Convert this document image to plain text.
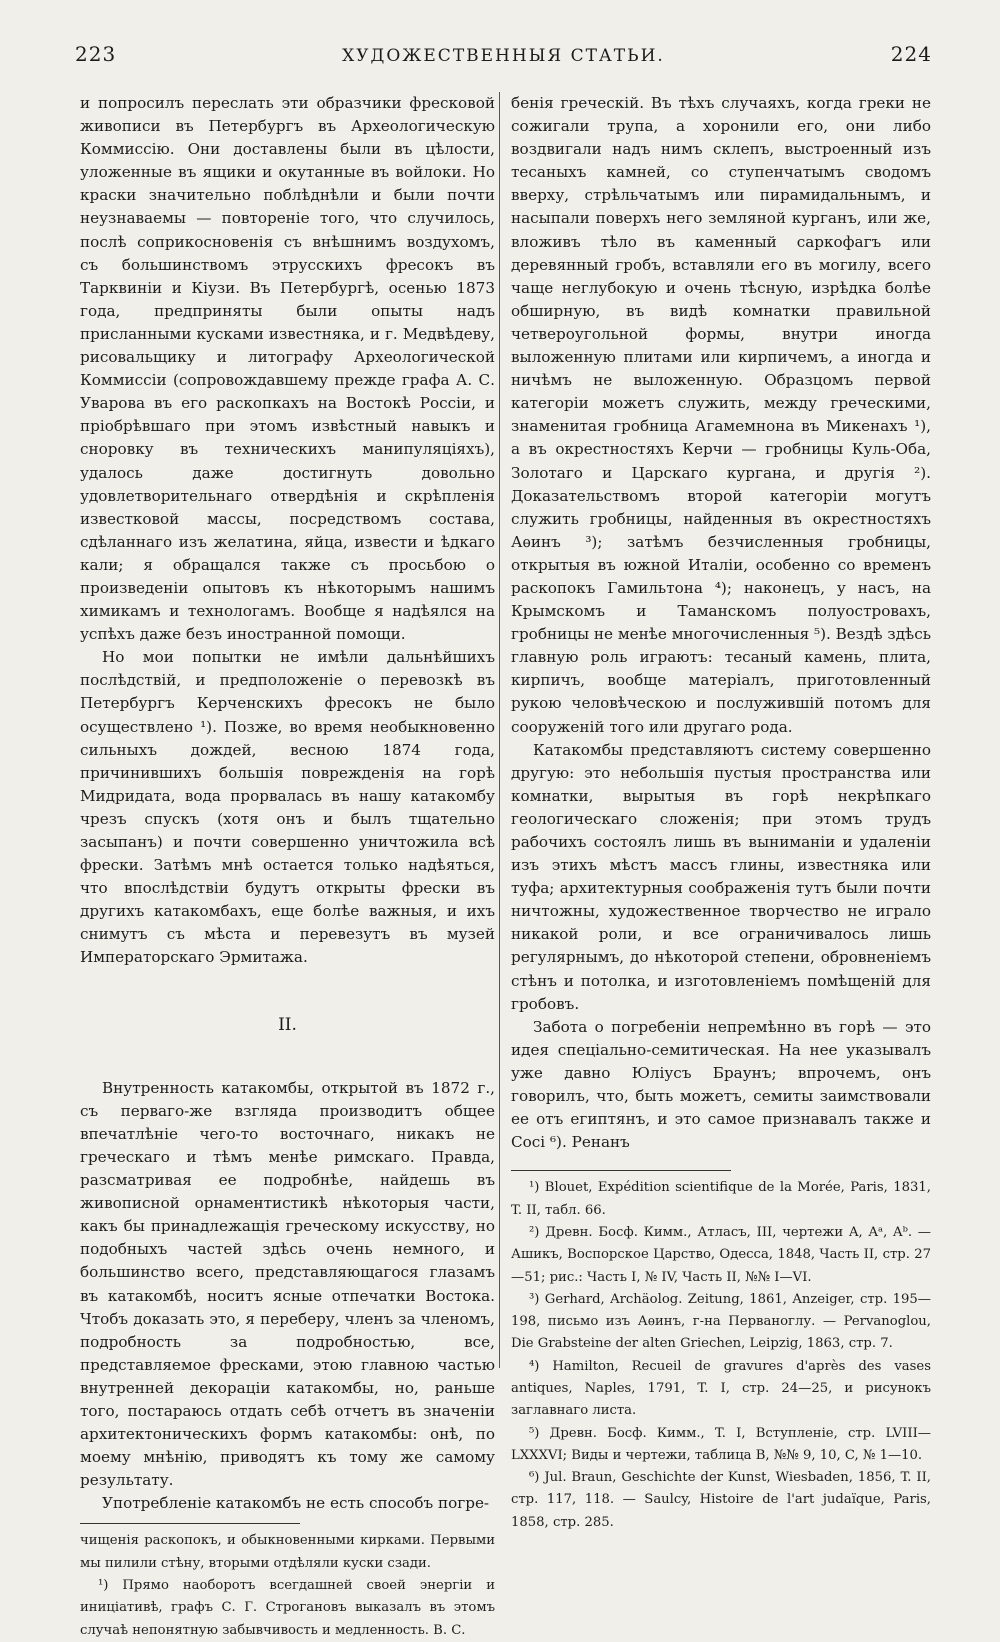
223	ХУДОЖЕСТВЕННЫЯ СТАТЬИ.	224

и попросилъ переслать эти образчики фресковой живописи въ Петербургъ въ Археологическую Коммиссію. Они доставлены были въ цѣлости, уложенные въ ящики и окутанные въ войлоки. Но краски значительно поблѣднѣли и были почти неузнаваемы — повтореніе того, что случилось, послѣ соприкосновенія съ внѣшнимъ воздухомъ, съ большинствомъ этрусскихъ фресокъ въ Тарквиніи и Кіузи. Въ Петербургѣ, осенью 1873 года, предприняты были опыты надъ присланными кусками известняка, и г. Медвѣдеву, рисовальщику и литографу Археологической Коммиссіи (сопровождавшему прежде графа А. С. Уварова въ его раскопкахъ на Востокѣ Россіи, и пріобрѣвшаго при этомъ извѣстный навыкъ и сноровку въ техническихъ манипуляціяхъ), удалось даже достигнуть довольно удовлетворительнаго отвердѣнія и скрѣпленія известковой массы, посредствомъ состава, сдѣланнаго изъ желатина, яйца, извести и ѣдкаго кали; я обращался также съ просьбою о произведеніи опытовъ къ нѣкоторымъ нашимъ химикамъ и технологамъ. Вообще я надѣялся на успѣхъ даже безъ иностранной помощи.

Но мои попытки не имѣли дальнѣйшихъ послѣдствій, и предположеніе о перевозкѣ въ Петербургъ Керченскихъ фресокъ не было осуществлено ¹). Позже, во время необыкновенно сильныхъ дождей, весною 1874 года, причинившихъ большія поврежденія на горѣ Мидридата, вода прорвалась въ нашу катакомбу чрезъ спускъ (хотя онъ и былъ тщательно засыпанъ) и почти совершенно уничтожила всѣ фрески. Затѣмъ мнѣ остается только надѣяться, что впослѣдствіи будутъ открыты фрески въ другихъ катакомбахъ, еще болѣе важныя, и ихъ снимутъ съ мѣста и перевезутъ въ музей Императорскаго Эрмитажа.

II.

Внутренность катакомбы, открытой въ 1872 г., съ перваго-же взгляда производитъ общее впечатлѣніе чего-то восточнаго, никакъ не греческаго и тѣмъ менѣе римскаго. Правда, разсматривая ее подробнѣе, найдешь въ живописной орнаментистикѣ нѣкоторыя части, какъ бы принадлежащія греческому искусству, но подобныхъ частей здѣсь очень немного, и большинство всего, представляющагося глазамъ въ катакомбѣ, носитъ ясные отпечатки Востока. Чтобъ доказать это, я переберу, членъ за членомъ, подробность за подробностью, все, представляемое фресками, этою главною частью внутренней декораціи катакомбы, но, раньше того, постараюсь отдать себѣ отчетъ въ значеніи архитектоническихъ формъ катакомбы: онѣ, по моему мнѣнію, приводятъ къ тому же самому результату.

Употребленіе катакомбъ не есть способъ погре-

чищенія раскопокъ, и обыкновенными кирками. Первыми мы пилили стѣну, вторыми отдѣляли куски сзади.

¹) Прямо наоборотъ всегдашней своей энергіи и иниціативѣ, графъ С. Г. Строгановъ выказалъ въ этомъ случаѣ непонятную забывчивость и медленность. В. С.

бенія греческій. Въ тѣхъ случаяхъ, когда греки не сожигали трупа, а хоронили его, они либо воздвигали надъ нимъ склепъ, выстроенный изъ тесаныхъ камней, со ступенчатымъ сводомъ вверху, стрѣльчатымъ или пирамидальнымъ, и насыпали поверхъ него земляной курганъ, или же, вложивъ тѣло въ каменный саркофагъ или деревянный гробъ, вставляли его въ могилу, всего чаще неглубокую и очень тѣсную, изрѣдка болѣе обширную, въ видѣ комнатки правильной четвероугольной формы, внутри иногда выложенную плитами или кирпичемъ, а иногда и ничѣмъ не выложенную. Образцомъ первой категоріи можетъ служить, между греческими, знаменитая гробница Агамемнона въ Микенахъ ¹), а въ окрестностяхъ Керчи — гробницы Куль-Оба, Золотаго и Царскаго кургана, и другія ²). Доказательствомъ второй категоріи могутъ служить гробницы, найденныя въ окрестностяхъ Аѳинъ ³); затѣмъ безчисленныя гробницы, открытыя въ южной Италіи, особенно со временъ раскопокъ Гамильтона ⁴); наконецъ, у насъ, на Крымскомъ и Таманскомъ полуостровахъ, гробницы не менѣе многочисленныя ⁵). Вездѣ здѣсь главную роль играютъ: тесаный камень, плита, кирпичъ, вообще матеріалъ, приготовленный рукою человѣческою и послужившій потомъ для сооруженій того или другаго рода.

Катакомбы представляютъ систему совершенно другую: это небольшія пустыя пространства или комнатки, вырытыя въ горѣ некрѣпкаго геологическаго сложенія; при этомъ трудъ рабочихъ состоялъ лишь въ выниманіи и удаленіи изъ этихъ мѣстъ массъ глины, известняка или туфа; архитектурныя соображенія тутъ были почти ничтожны, художественное творчество не играло никакой роли, и все ограничивалось лишь регулярнымъ, до нѣкоторой степени, обровненіемъ стѣнъ и потолка, и изготовленіемъ помѣщеній для гробовъ.

Забота о погребеніи непремѣнно въ горѣ — это идея спеціально-семитическая. На нее указывалъ уже давно Юліусъ Браунъ; впрочемъ, онъ говорилъ, что, быть можетъ, семиты заимствовали ее отъ египтянъ, и это самое признавалъ также и Сосі ⁶). Ренанъ

¹) Blouet, Expédition scientifique de la Morée, Paris, 1831, T. II, табл. 66.

²) Древн. Босф. Кимм., Атласъ, III, чертежи A, Aᵃ, Aᵇ. — Ашикъ, Воспорское Царство, Одесса, 1848, Часть II, стр. 27—51; рис.: Часть I, № IV, Часть II, №№ I—VI.

³) Gerhard, Archäolog. Zeitung, 1861, Anzeiger, стр. 195—198, письмо изъ Аѳинъ, г-на Перваноглу. — Pervanoglou, Die Grabsteine der alten Griechen, Leipzig, 1863, стр. 7.

⁴) Hamilton, Recueil de gravures d'après des vases antiques, Naples, 1791, T. I, стр. 24—25, и рисунокъ заглавнаго листа.

⁵) Древн. Босф. Кимм., T. I, Вступленіе, стр. LVIII—LXXXVI; Виды и чертежи, таблица B, №№ 9, 10, C, № 1—10.

⁶) Jul. Braun, Geschichte der Kunst, Wiesbaden, 1856, T. II, стр. 117, 118. — Saulcy, Histoire de l'art judaïque, Paris, 1858, стр. 285.
